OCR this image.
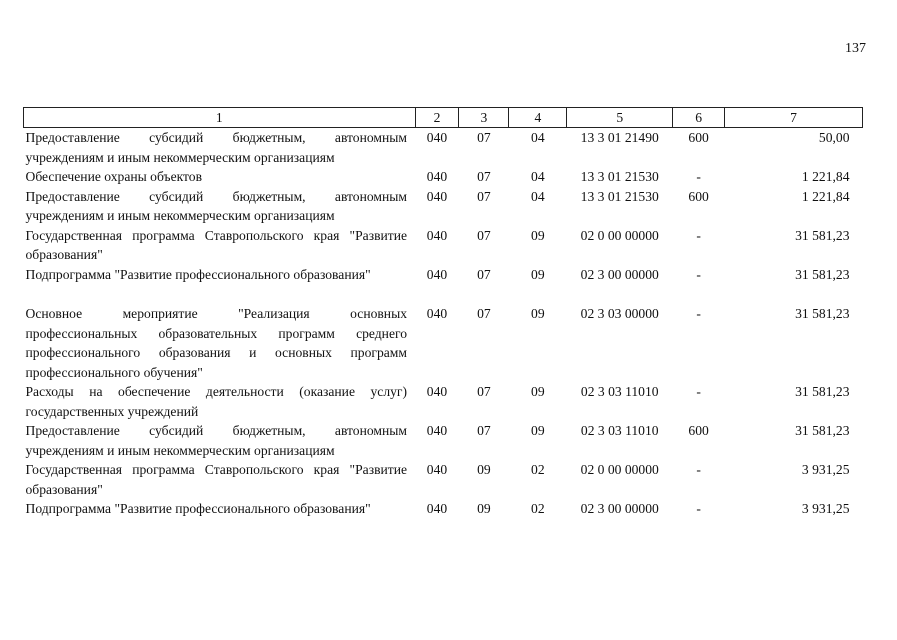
137
1	2	3	4	5	6	7
Предоставление субсидий бюджетным, автономным учреждениям и иным некоммерческим организациям	040	07	04	13 3 01 21490	600	50,00
Обеспечение охраны объектов	040	07	04	13 3 01 21530	-	1 221,84
Предоставление субсидий бюджетным, автономным учреждениям и иным некоммерческим организациям	040	07	04	13 3 01 21530	600	1 221,84
Государственная программа Ставропольского края "Развитие образования"	040	07	09	02 0 00 00000	-	31 581,23
Подпрограмма "Развитие профессионального образования"	040	07	09	02 3 00 00000	-	31 581,23
Основное мероприятие "Реализация основных профессиональных образовательных программ среднего профессионального образования и основных программ профессионального обучения"	040	07	09	02 3 03 00000	-	31 581,23
Расходы на обеспечение деятельности (оказание услуг) государственных учреждений	040	07	09	02 3 03 11010	-	31 581,23
Предоставление субсидий бюджетным, автономным учреждениям и иным некоммерческим организациям	040	07	09	02 3 03 11010	600	31 581,23
Государственная программа Ставропольского края "Развитие образования"	040	09	02	02 0 00 00000	-	3 931,25
Подпрограмма "Развитие профессионального образования"	040	09	02	02 3 00 00000	-	3 931,25
